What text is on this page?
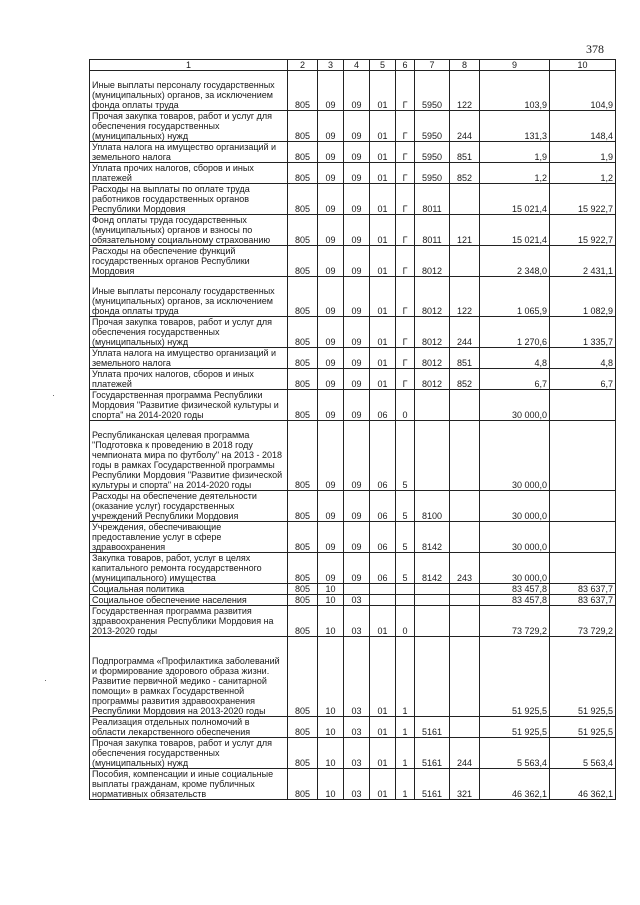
378
·
·
1	2	3	4	5	6	7	8	9	10
Иные выплаты персоналу государственных (муниципальных) органов, за исключением фонда оплаты труда	805	09	09	01	Г	5950	122	103,9	104,9
Прочая закупка товаров, работ и услуг для обеспечения государственных (муниципальных) нужд	805	09	09	01	Г	5950	244	131,3	148,4
Уплата налога на имущество организаций и земельного налога	805	09	09	01	Г	5950	851	1,9	1,9
Уплата прочих налогов, сборов и иных платежей	805	09	09	01	Г	5950	852	1,2	1,2
Расходы на выплаты по оплате труда работников государственных органов Республики Мордовия	805	09	09	01	Г	8011		15 021,4	15 922,7
Фонд оплаты труда государственных (муниципальных) органов и взносы по обязательному социальному страхованию	805	09	09	01	Г	8011	121	15 021,4	15 922,7
Расходы на обеспечение функций государственных органов Республики Мордовия	805	09	09	01	Г	8012		2 348,0	2 431,1
Иные выплаты персоналу государственных (муниципальных) органов, за исключением фонда оплаты труда	805	09	09	01	Г	8012	122	1 065,9	1 082,9
Прочая закупка товаров, работ и услуг для обеспечения государственных (муниципальных) нужд	805	09	09	01	Г	8012	244	1 270,6	1 335,7
Уплата налога на имущество организаций и земельного налога	805	09	09	01	Г	8012	851	4,8	4,8
Уплата прочих налогов, сборов и иных платежей	805	09	09	01	Г	8012	852	6,7	6,7
Государственная программа Республики Мордовия "Развитие физической культуры и спорта" на 2014-2020 годы	805	09	09	06	0			30 000,0	
Республиканская целевая программа "Подготовка к проведению в 2018 году чемпионата мира по футболу" на 2013 - 2018 годы в рамках Государственной программы Республики Мордовия "Развитие физической культуры и спорта" на 2014-2020 годы	805	09	09	06	5			30 000,0	
Расходы на обеспечение деятельности (оказание услуг) государственных учреждений Республики Мордовия	805	09	09	06	5	8100		30 000,0	
Учреждения, обеспечивающие предоставление услуг в сфере здравоохранения	805	09	09	06	5	8142		30 000,0	
Закупка товаров, работ, услуг в целях капитального ремонта государственного (муниципального) имущества	805	09	09	06	5	8142	243	30 000,0	
Социальная политика	805	10						83 457,8	83 637,7
Социальное обеспечение населения	805	10	03					83 457,8	83 637,7
Государственная программа развития здравоохранения Республики Мордовия на 2013-2020 годы	805	10	03	01	0			73 729,2	73 729,2
Подпрограмма «Профилактика заболеваний и формирование здорового образа жизни. Развитие первичной медико - санитарной помощи» в рамках Государственной программы развития здравоохранения Республики Мордовия на 2013-2020 годы	805	10	03	01	1			51 925,5	51 925,5
Реализация отдельных полномочий в области лекарственного обеспечения	805	10	03	01	1	5161		51 925,5	51 925,5
Прочая закупка товаров, работ и услуг для обеспечения государственных (муниципальных) нужд	805	10	03	01	1	5161	244	5 563,4	5 563,4
Пособия, компенсации и иные социальные выплаты гражданам, кроме публичных нормативных обязательств	805	10	03	01	1	5161	321	46 362,1	46 362,1
